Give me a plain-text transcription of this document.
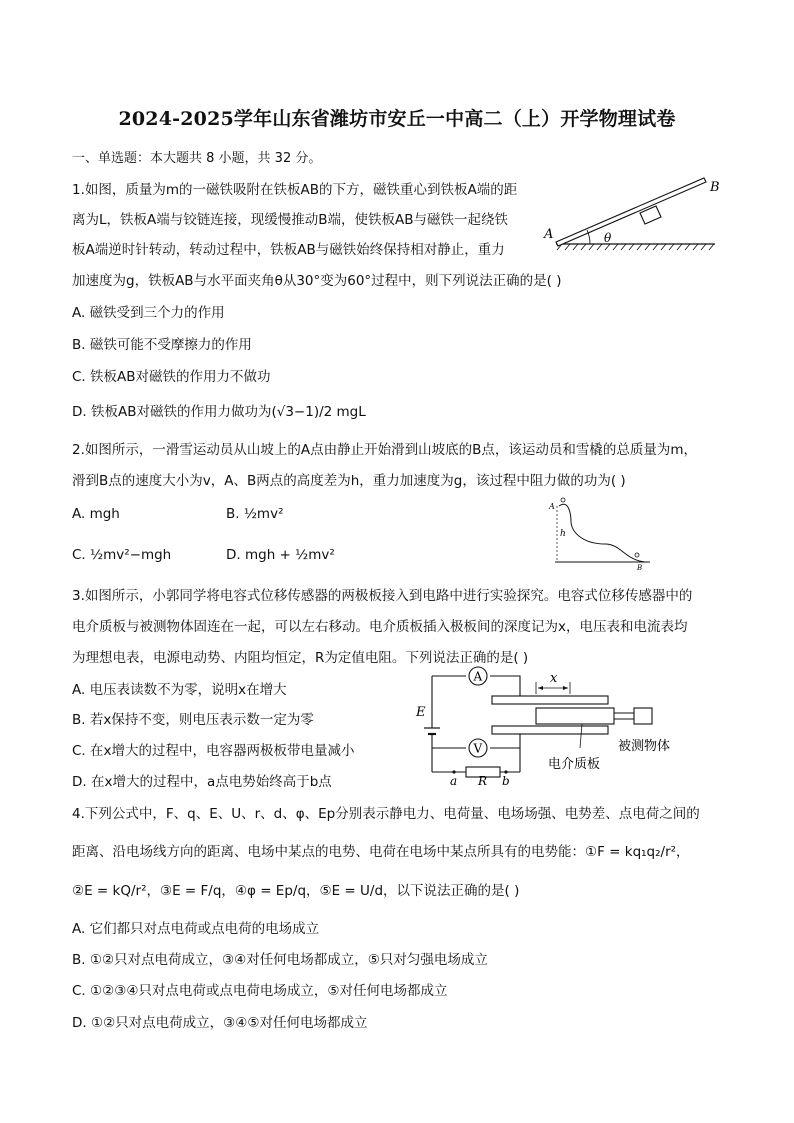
2024-2025学年山东省潍坊市安丘一中高二（上）开学物理试卷
一、单选题：本大题共 8 小题，共 32 分。
1.如图，质量为m的一磁铁吸附在铁板AB的下方，磁铁重心到铁板A端的距
离为L，铁板A端与铰链连接，现缓慢推动B端，使铁板AB与磁铁一起绕铁
板A端逆时针转动，转动过程中，铁板AB与磁铁始终保持相对静止，重力
加速度为g，铁板AB与水平面夹角θ从30°变为60°过程中，则下列说法正确的是( )
A. 磁铁受到三个力的作用
B. 磁铁可能不受摩擦力的作用
C. 铁板AB对磁铁的作用力不做功
D. 铁板AB对磁铁的作用力做功为(√3−1)/2 mgL
A
B
θ
2.如图所示，一滑雪运动员从山坡上的A点由静止开始滑到山坡底的B点，该运动员和雪橇的总质量为m，
滑到B点的速度大小为v，A、B两点的高度差为h，重力加速度为g，该过程中阻力做的功为( )
A. mgh	B. ½mv²
C. ½mv²−mgh	D. mgh + ½mv²
A
h
B
3.如图所示，小郭同学将电容式位移传感器的两极板接入到电路中进行实验探究。电容式位移传感器中的
电介质板与被测物体固连在一起，可以左右移动。电介质板插入极板间的深度记为x，电压表和电流表均
为理想电表，电源电动势、内阻均恒定，R为定值电阻。下列说法正确的是( )
A. 电压表读数不为零，说明x在增大
B. 若x保持不变，则电压表示数一定为零
C. 在x增大的过程中，电容器两极板带电量减小
D. 在x增大的过程中，a点电势始终高于b点
A
V
x
E
R
a	b
电介质板
被测物体
4.下列公式中，F、q、E、U、r、d、φ、Ep分别表示静电力、电荷量、电场场强、电势差、点电荷之间的
距离、沿电场线方向的距离、电场中某点的电势、电荷在电场中某点所具有的电势能：①F = kq₁q₂/r²，
②E = kQ/r²，③E = F/q，④φ = Ep/q，⑤E = U/d，以下说法正确的是( )
A. 它们都只对点电荷或点电荷的电场成立
B. ①②只对点电荷成立，③④对任何电场都成立，⑤只对匀强电场成立
C. ①②③④只对点电荷或点电荷电场成立，⑤对任何电场都成立
D. ①②只对点电荷成立，③④⑤对任何电场都成立
